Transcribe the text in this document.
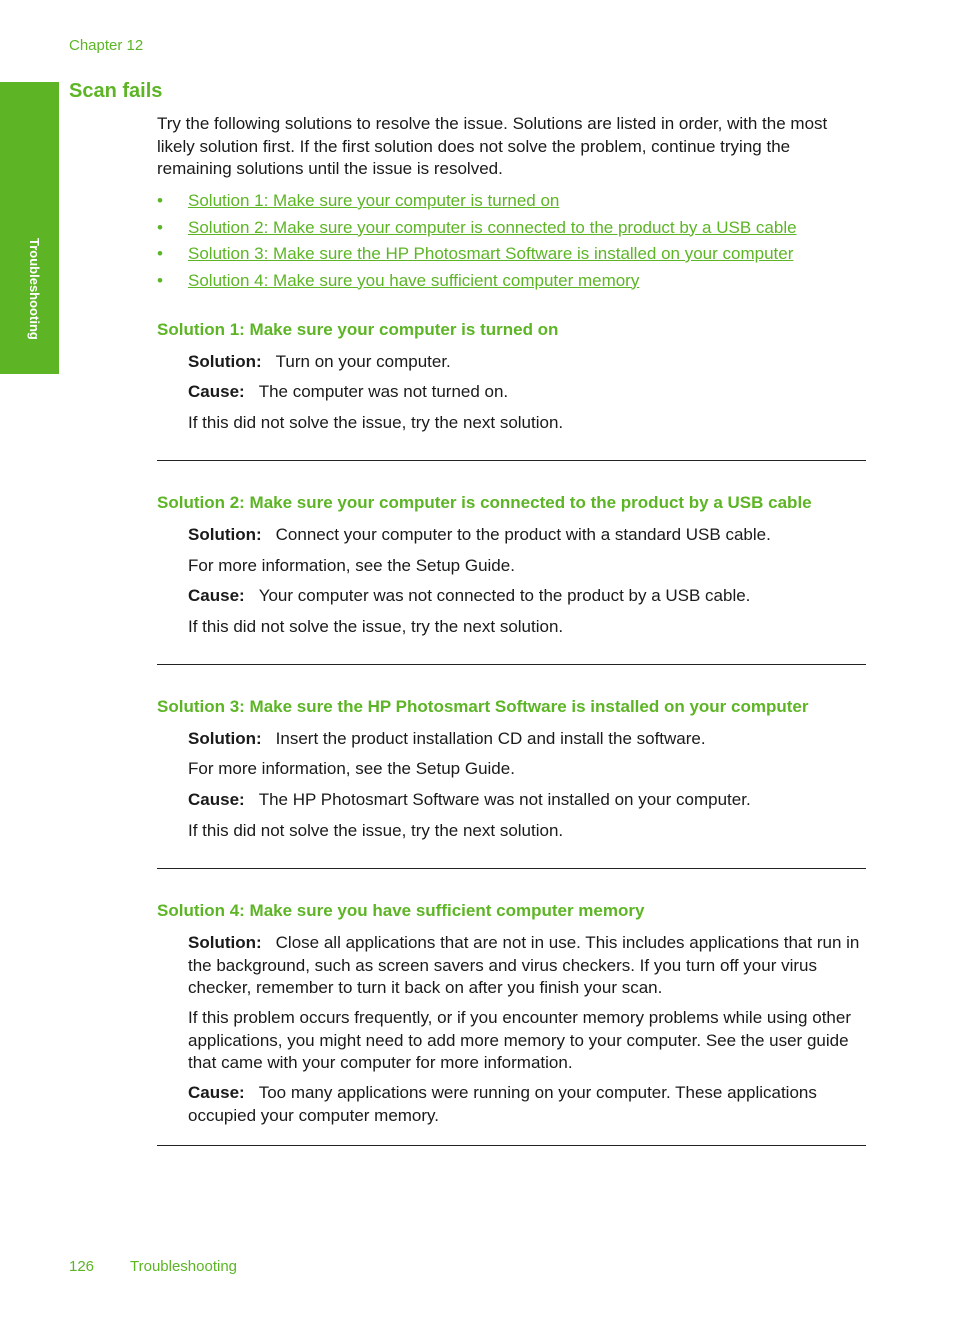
Chapter 12
Troubleshooting
Scan fails

Try the following solutions to resolve the issue. Solutions are listed in order, with the most likely solution first. If the first solution does not solve the problem, continue trying the remaining solutions until the issue is resolved.

• Solution 1: Make sure your computer is turned on
• Solution 2: Make sure your computer is connected to the product by a USB cable
• Solution 3: Make sure the HP Photosmart Software is installed on your computer
• Solution 4: Make sure you have sufficient computer memory
Solution 1: Make sure your computer is turned on

Solution: Turn on your computer.

Cause: The computer was not turned on.

If this did not solve the issue, try the next solution.

Solution 2: Make sure your computer is connected to the product by a USB cable

Solution: Connect your computer to the product with a standard USB cable.

For more information, see the Setup Guide.

Cause: Your computer was not connected to the product by a USB cable.

If this did not solve the issue, try the next solution.

Solution 3: Make sure the HP Photosmart Software is installed on your computer

Solution: Insert the product installation CD and install the software.

For more information, see the Setup Guide.

Cause: The HP Photosmart Software was not installed on your computer.

If this did not solve the issue, try the next solution.

Solution 4: Make sure you have sufficient computer memory

Solution: Close all applications that are not in use. This includes applications that run in the background, such as screen savers and virus checkers. If you turn off your virus checker, remember to turn it back on after you finish your scan.

If this problem occurs frequently, or if you encounter memory problems while using other applications, you might need to add more memory to your computer. See the user guide that came with your computer for more information.

Cause: Too many applications were running on your computer. These applications occupied your computer memory.

126 Troubleshooting
